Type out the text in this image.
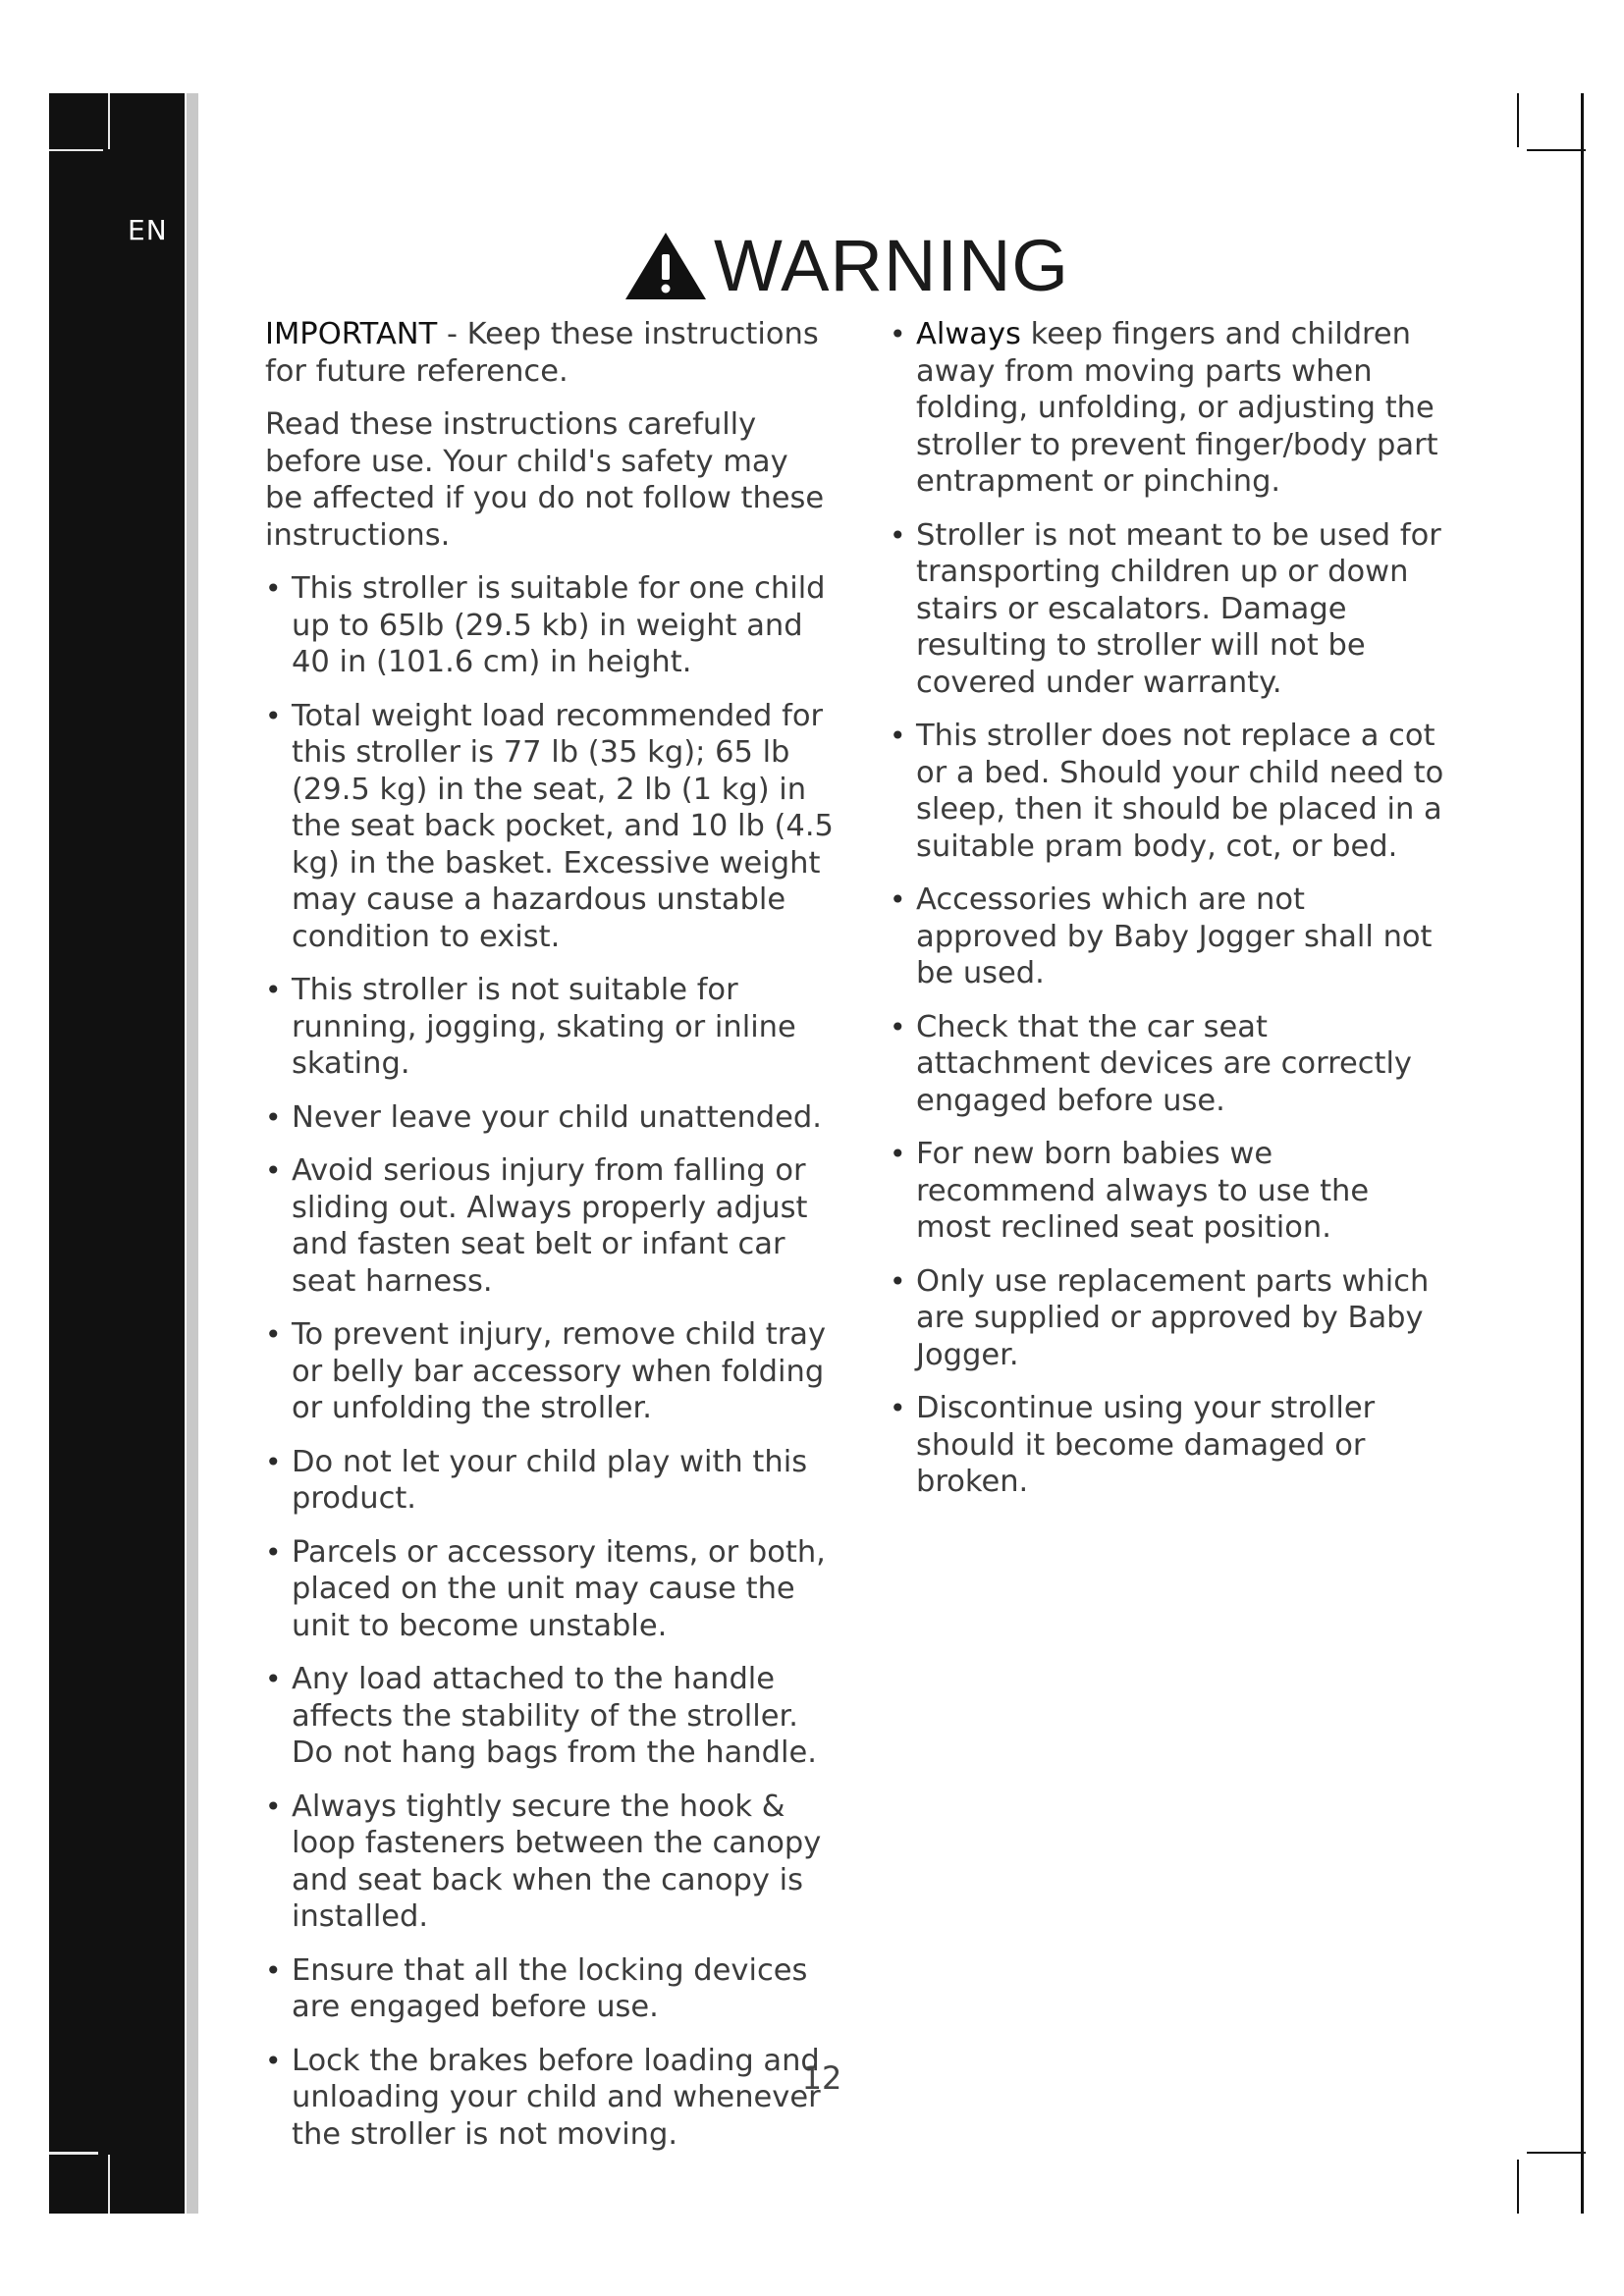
EN	WARNING

IMPORTANT - Keep these instructions for future reference.

Read these instructions carefully before use. Your child's safety may be affected if you do not follow these instructions.

• This stroller is suitable for one child up to 65lb (29.5 kb) in weight and 40 in (101.6 cm) in height.
• Total weight load recommended for this stroller is 77 lb (35 kg); 65 lb (29.5 kg) in the seat, 2 lb (1 kg) in the seat back pocket, and 10 lb (4.5 kg) in the basket. Excessive weight may cause a hazardous unstable condition to exist.
• This stroller is not suitable for running, jogging, skating or inline skating.
• Never leave your child unattended.
• Avoid serious injury from falling or sliding out. Always properly adjust and fasten seat belt or infant car seat harness.
• To prevent injury, remove child tray or belly bar accessory when folding or unfolding the stroller.
• Do not let your child play with this product.
• Parcels or accessory items, or both, placed on the unit may cause the unit to become unstable.
• Any load attached to the handle affects the stability of the stroller. Do not hang bags from the handle.
• Always tightly secure the hook & loop fasteners between the canopy and seat back when the canopy is installed.
• Ensure that all the locking devices are engaged before use.
• Lock the brakes before loading and unloading your child and whenever the stroller is not moving.
• Always keep fingers and children away from moving parts when folding, unfolding, or adjusting the stroller to prevent finger/body part entrapment or pinching.
• Stroller is not meant to be used for transporting children up or down stairs or escalators. Damage resulting to stroller will not be covered under warranty.
• This stroller does not replace a cot or a bed. Should your child need to sleep, then it should be placed in a suitable pram body, cot, or bed.
• Accessories which are not approved by Baby Jogger shall not be used.
• Check that the car seat attachment devices are correctly engaged before use.
• For new born babies we recommend always to use the most reclined seat position.
• Only use replacement parts which are supplied or approved by Baby Jogger.
• Discontinue using your stroller should it become damaged or broken.
12
